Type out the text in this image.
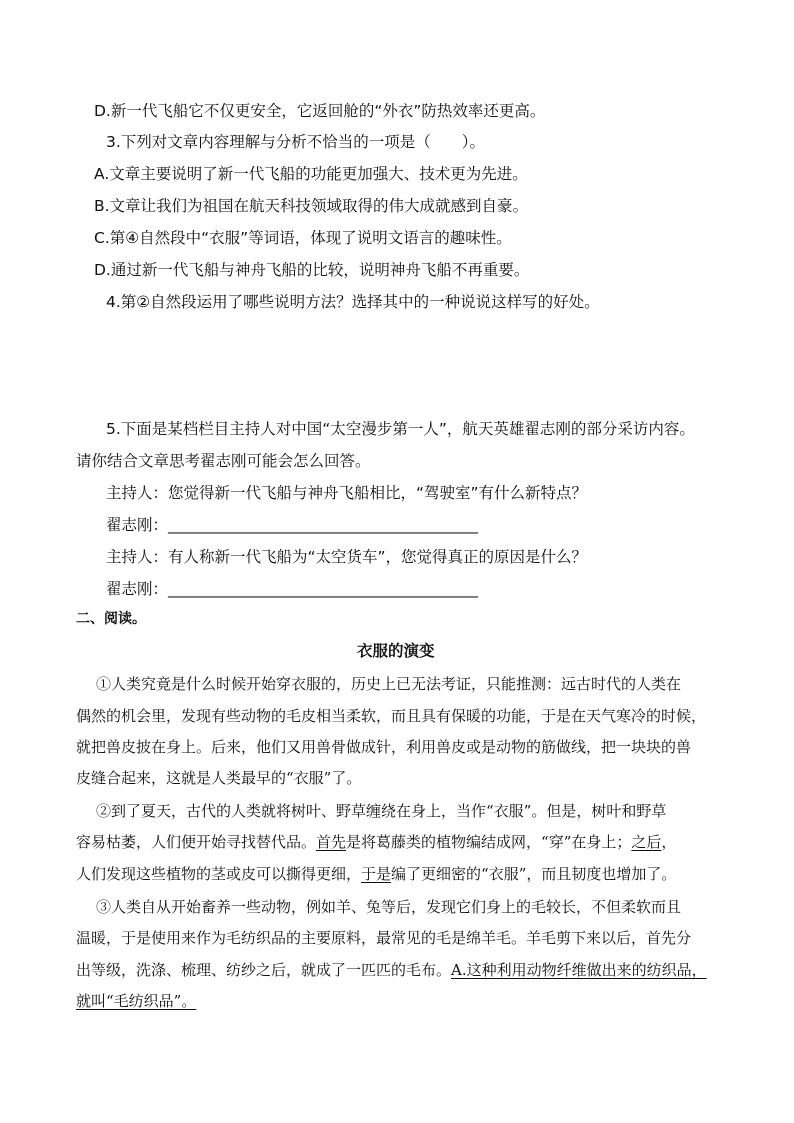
D.新一代飞船它不仅更安全，它返回舱的“外衣”防热效率还更高。
3.下列对文章内容理解与分析不恰当的一项是（　　）。
A.文章主要说明了新一代飞船的功能更加强大、技术更为先进。
B.文章让我们为祖国在航天科技领域取得的伟大成就感到自豪。
C.第④自然段中“衣服”等词语，体现了说明文语言的趣味性。
D.通过新一代飞船与神舟飞船的比较，说明神舟飞船不再重要。
4.第②自然段运用了哪些说明方法？选择其中的一种说说这样写的好处。
5.下面是某档栏目主持人对中国“太空漫步第一人”，航天英雄翟志刚的部分采访内容。
请你结合文章思考翟志刚可能会怎么回答。
主持人：您觉得新一代飞船与神舟飞船相比，“驾驶室”有什么新特点？
翟志刚：________________________________________
主持人：有人称新一代飞船为“太空货车”，您觉得真正的原因是什么？
翟志刚：________________________________________
二、阅读。
衣服的演变
①人类究竟是什么时候开始穿衣服的，历史上已无法考证，只能推测：远古时代的人类在
偶然的机会里，发现有些动物的毛皮相当柔软，而且具有保暖的功能，于是在天气寒冷的时候，
就把兽皮披在身上。后来，他们又用兽骨做成针，利用兽皮或是动物的筋做线，把一块块的兽
皮缝合起来，这就是人类最早的“衣服”了。
②到了夏天，古代的人类就将树叶、野草缠绕在身上，当作“衣服”。但是，树叶和野草
容易枯萎，人们便开始寻找替代品。首先是将葛藤类的植物编结成网，“穿”在身上；之后，
人们发现这些植物的茎或皮可以撕得更细，于是编了更细密的“衣服”，而且韧度也增加了。
③人类自从开始畜养一些动物，例如羊、兔等后，发现它们身上的毛较长，不但柔软而且
温暖，于是使用来作为毛纺织品的主要原料，最常见的毛是绵羊毛。羊毛剪下来以后，首先分
出等级，洗涤、梳理、纺纱之后，就成了一匹匹的毛布。A.这种利用动物纤维做出来的纺织品，
就叫“毛纺织品”。
